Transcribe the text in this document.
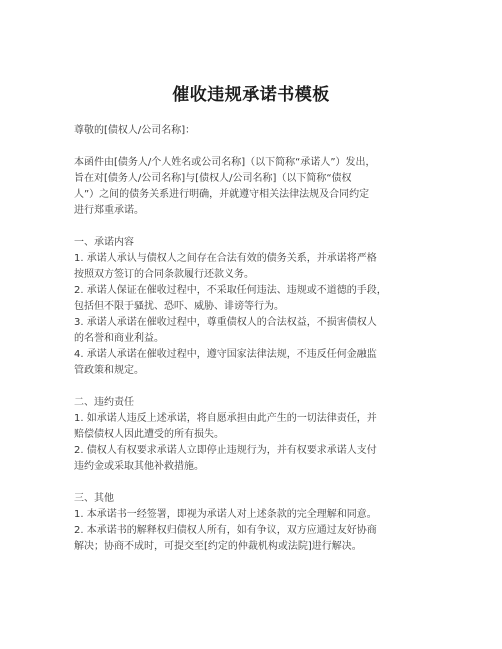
催收违规承诺书模板
尊敬的[债权人/公司名称]：
本函件由[债务人/个人姓名或公司名称]（以下简称“承诺人”）发出，
旨在对[债务人/公司名称]与[债权人/公司名称]（以下简称“债权
人”）之间的债务关系进行明确，并就遵守相关法律法规及合同约定
进行郑重承诺。
一、承诺内容
1. 承诺人承认与债权人之间存在合法有效的债务关系，并承诺将严格
按照双方签订的合同条款履行还款义务。
2. 承诺人保证在催收过程中，不采取任何违法、违规或不道德的手段，
包括但不限于骚扰、恐吓、威胁、诽谤等行为。
3. 承诺人承诺在催收过程中，尊重债权人的合法权益，不损害债权人
的名誉和商业利益。
4. 承诺人承诺在催收过程中，遵守国家法律法规，不违反任何金融监
管政策和规定。
二、违约责任
1. 如承诺人违反上述承诺，将自愿承担由此产生的一切法律责任，并
赔偿债权人因此遭受的所有损失。
2. 债权人有权要求承诺人立即停止违规行为，并有权要求承诺人支付
违约金或采取其他补救措施。
三、其他
1. 本承诺书一经签署，即视为承诺人对上述条款的完全理解和同意。
2. 本承诺书的解释权归债权人所有，如有争议，双方应通过友好协商
解决；协商不成时，可提交至[约定的仲裁机构或法院]进行解决。
